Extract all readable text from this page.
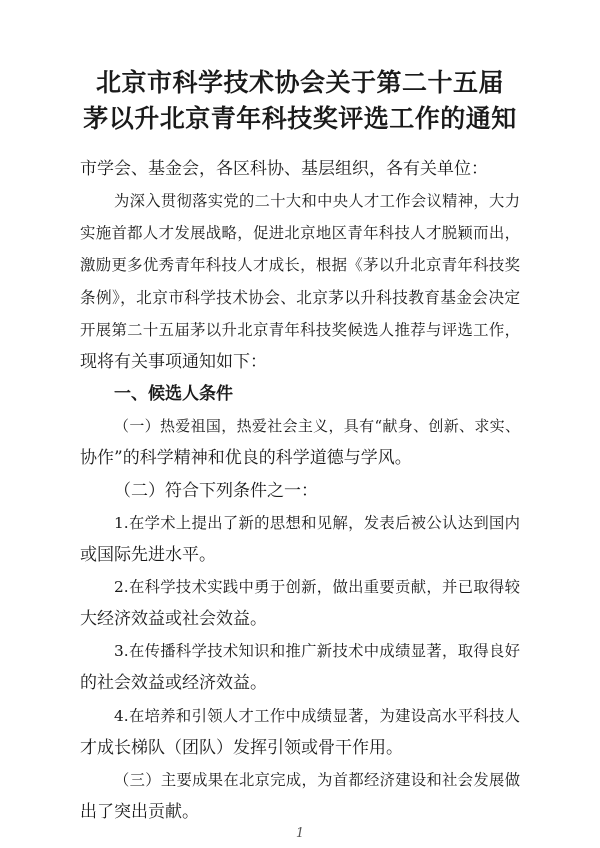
北京市科学技术协会关于第二十五届
茅以升北京青年科技奖评选工作的通知
市学会、基金会，各区科协、基层组织，各有关单位：
为深入贯彻落实党的二十大和中央人才工作会议精神，大力
实施首都人才发展战略，促进北京地区青年科技人才脱颖而出，
激励更多优秀青年科技人才成长，根据《茅以升北京青年科技奖
条例》，北京市科学技术协会、北京茅以升科技教育基金会决定
开展第二十五届茅以升北京青年科技奖候选人推荐与评选工作，
现将有关事项通知如下：
一、候选人条件
（一）热爱祖国，热爱社会主义，具有“献身、创新、求实、
协作”的科学精神和优良的科学道德与学风。
（二）符合下列条件之一：
1.在学术上提出了新的思想和见解，发表后被公认达到国内
或国际先进水平。
2.在科学技术实践中勇于创新，做出重要贡献，并已取得较
大经济效益或社会效益。
3.在传播科学技术知识和推广新技术中成绩显著，取得良好
的社会效益或经济效益。
4.在培养和引领人才工作中成绩显著，为建设高水平科技人
才成长梯队（团队）发挥引领或骨干作用。
（三）主要成果在北京完成，为首都经济建设和社会发展做
出了突出贡献。
1
